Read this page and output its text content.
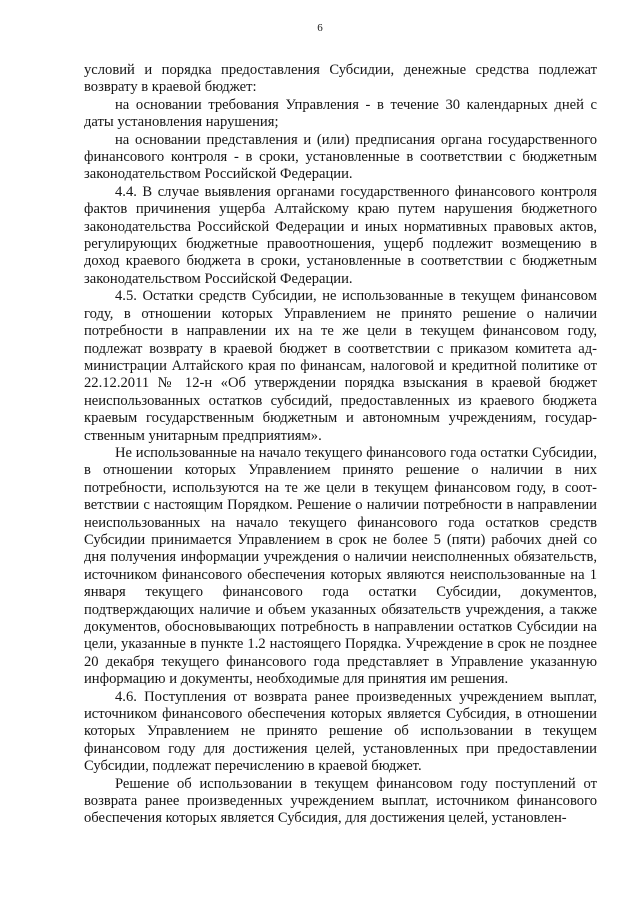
6

условий и порядка предоставления Субсидии, денежные средства подлежат возврату в краевой бюджет:

на основании требования Управления - в течение 30 календарных дней с даты установления нарушения;

на основании представления и (или) предписания органа государственного финансового контроля - в сроки, установленные в соответствии с бюджетным законодательством Российской Федерации.

4.4. В случае выявления органами государственного финансового контроля фактов причинения ущерба Алтайскому краю путем нарушения бюджетного законодательства Российской Федерации и иных нормативных правовых актов, регулирующих бюджетные правоотношения, ущерб подлежит возмещению в доход краевого бюджета в сроки, установленные в соответствии с бюджетным законодательством Российской Федерации.

4.5. Остатки средств Субсидии, не использованные в текущем финансовом году, в отношении которых Управлением не принято решение о наличии потребности в направлении их на те же цели в текущем финансовом году, подлежат возврату в краевой бюджет в соответствии с приказом комитета администрации Алтайского края по финансам, налоговой и кредитной политике от 22.12.2011 № 12-н «Об утверждении порядка взыскания в краевой бюджет неиспользованных остатков субсидий, предоставленных из краевого бюджета краевым государственным бюджетным и автономным учреждениям, государственным унитарным предприятиям».

Не использованные на начало текущего финансового года остатки Субсидии, в отношении которых Управлением принято решение о наличии в них потребности, используются на те же цели в текущем финансовом году, в соответствии с настоящим Порядком. Решение о наличии потребности в направлении неиспользованных на начало текущего финансового года остатков средств Субсидии принимается Управлением в срок не более 5 (пяти) рабочих дней со дня получения информации учреждения о наличии неисполненных обязательств, источником финансового обеспечения которых являются неиспользованные на 1 января текущего финансового года остатки Субсидии, документов, подтверждающих наличие и объем указанных обязательств учреждения, а также документов, обосновывающих потребность в направлении остатков Субсидии на цели, указанные в пункте 1.2 настоящего Порядка. Учреждение в срок не позднее 20 декабря текущего финансового года представляет в Управление указанную информацию и документы, необходимые для принятия им решения.

4.6. Поступления от возврата ранее произведенных учреждением выплат, источником финансового обеспечения которых является Субсидия, в отношении которых Управлением не принято решение об использовании в текущем финансовом году для достижения целей, установленных при предоставлении Субсидии, подлежат перечислению в краевой бюджет.

Решение об использовании в текущем финансовом году поступлений от возврата ранее произведенных учреждением выплат, источником финансового обеспечения которых является Субсидия, для достижения целей, установлен-
